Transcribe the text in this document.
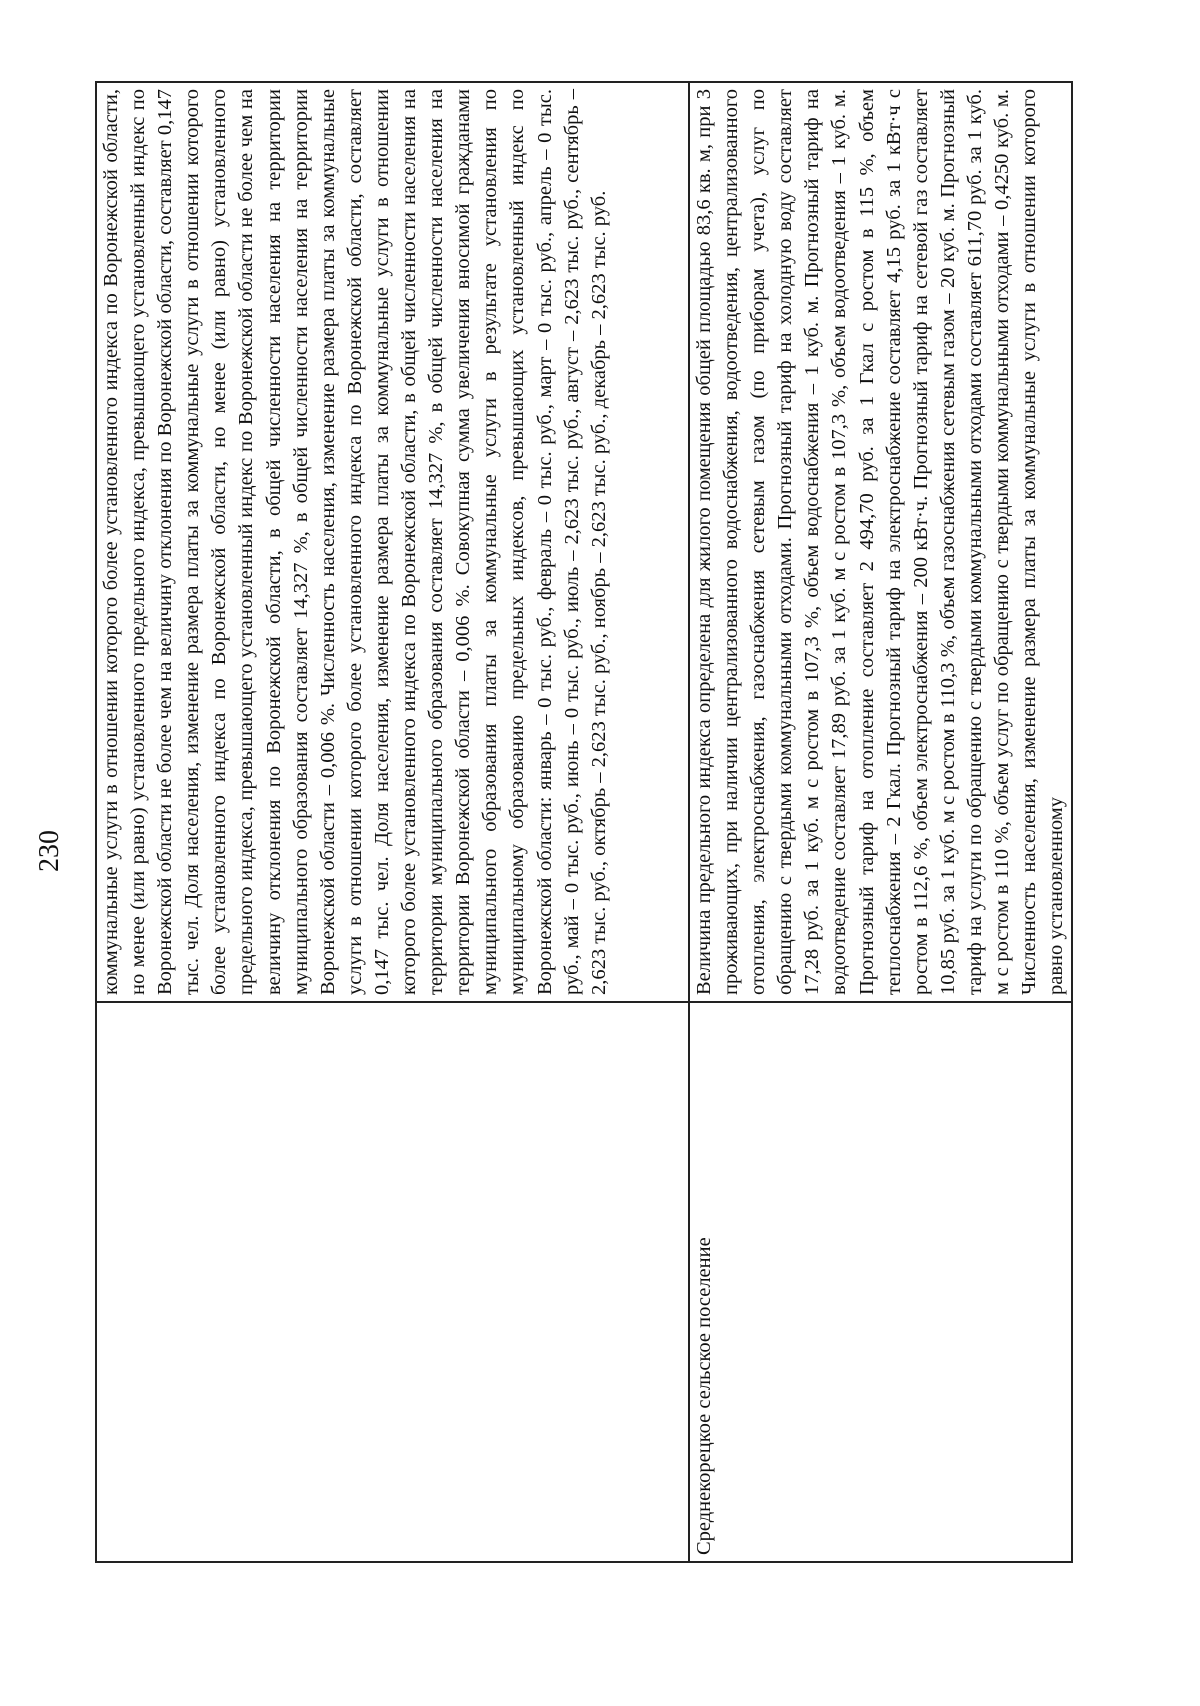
230
	коммунальные услуги в отношении которого более установленного индекса по Воронежской области, но менее (или равно) установленного предельного индекса, превышающего установленный индекс по Воронежской области не более чем на величину отклонения по Воронежской области, составляет 0,147 тыс. чел. Доля населения, изменение размера платы за коммунальные услуги в отношении которого более установленного индекса по Воронежской области, но менее (или равно) установленного предельного индекса, превышающего установленный индекс по Воронежской области не более чем на величину отклонения по Воронежской области, в общей численности населения на территории муниципального образования составляет 14,327 %, в общей численности населения на территории Воронежской области – 0,006 %. Численность населения, изменение размера платы за коммунальные услуги в отношении которого более установленного индекса по Воронежской области, составляет 0,147 тыс. чел. Доля населения, изменение размера платы за коммунальные услуги в отношении которого более установленного индекса по Воронежской области, в общей численности населения на территории муниципального образования составляет 14,327 %, в общей численности населения на территории Воронежской области – 0,006 %. Совокупная сумма увеличения вносимой гражданами муниципального образования платы за коммунальные услуги в результате установления по муниципальному образованию предельных индексов, превышающих установленный индекс по Воронежской области: январь – 0 тыс. руб., февраль – 0 тыс. руб., март – 0 тыс. руб., апрель – 0 тыс. руб., май – 0 тыс. руб., июнь – 0 тыс. руб., июль – 2,623 тыс. руб., август – 2,623 тыс. руб., сентябрь – 2,623 тыс. руб., октябрь – 2,623 тыс. руб., ноябрь – 2,623 тыс. руб., декабрь – 2,623 тыс. руб.
Среднекорецкое сельское поселение	Величина предельного индекса определена для жилого помещения общей площадью 83,6 кв. м, при 3 проживающих, при наличии централизованного водоснабжения, водоотведения, централизованного отопления, электроснабжения, газоснабжения сетевым газом (по приборам учета), услуг по обращению с твердыми коммунальными отходами. Прогнозный тариф на холодную воду составляет 17,28 руб. за 1 куб. м с ростом в 107,3 %, объем водоснабжения – 1 куб. м. Прогнозный тариф на водоотведение составляет 17,89 руб. за 1 куб. м с ростом в 107,3 %, объем водоотведения – 1 куб. м. Прогнозный тариф на отопление составляет 2 494,70 руб. за 1 Гкал с ростом в 115 %, объем теплоснабжения – 2 Гкал. Прогнозный тариф на электроснабжение составляет 4,15 руб. за 1 кВт·ч с ростом в 112,6 %, объем электроснабжения – 200 кВт·ч. Прогнозный тариф на сетевой газ составляет 10,85 руб. за 1 куб. м с ростом в 110,3 %, объем газоснабжения сетевым газом – 20 куб. м. Прогнозный тариф на услуги по обращению с твердыми коммунальными отходами составляет 611,70 руб. за 1 куб. м с ростом в 110 %, объем услуг по обращению с твердыми коммунальными отходами – 0,4250 куб. м. Численность населения, изменение размера платы за коммунальные услуги в отношении которого равно установленному
